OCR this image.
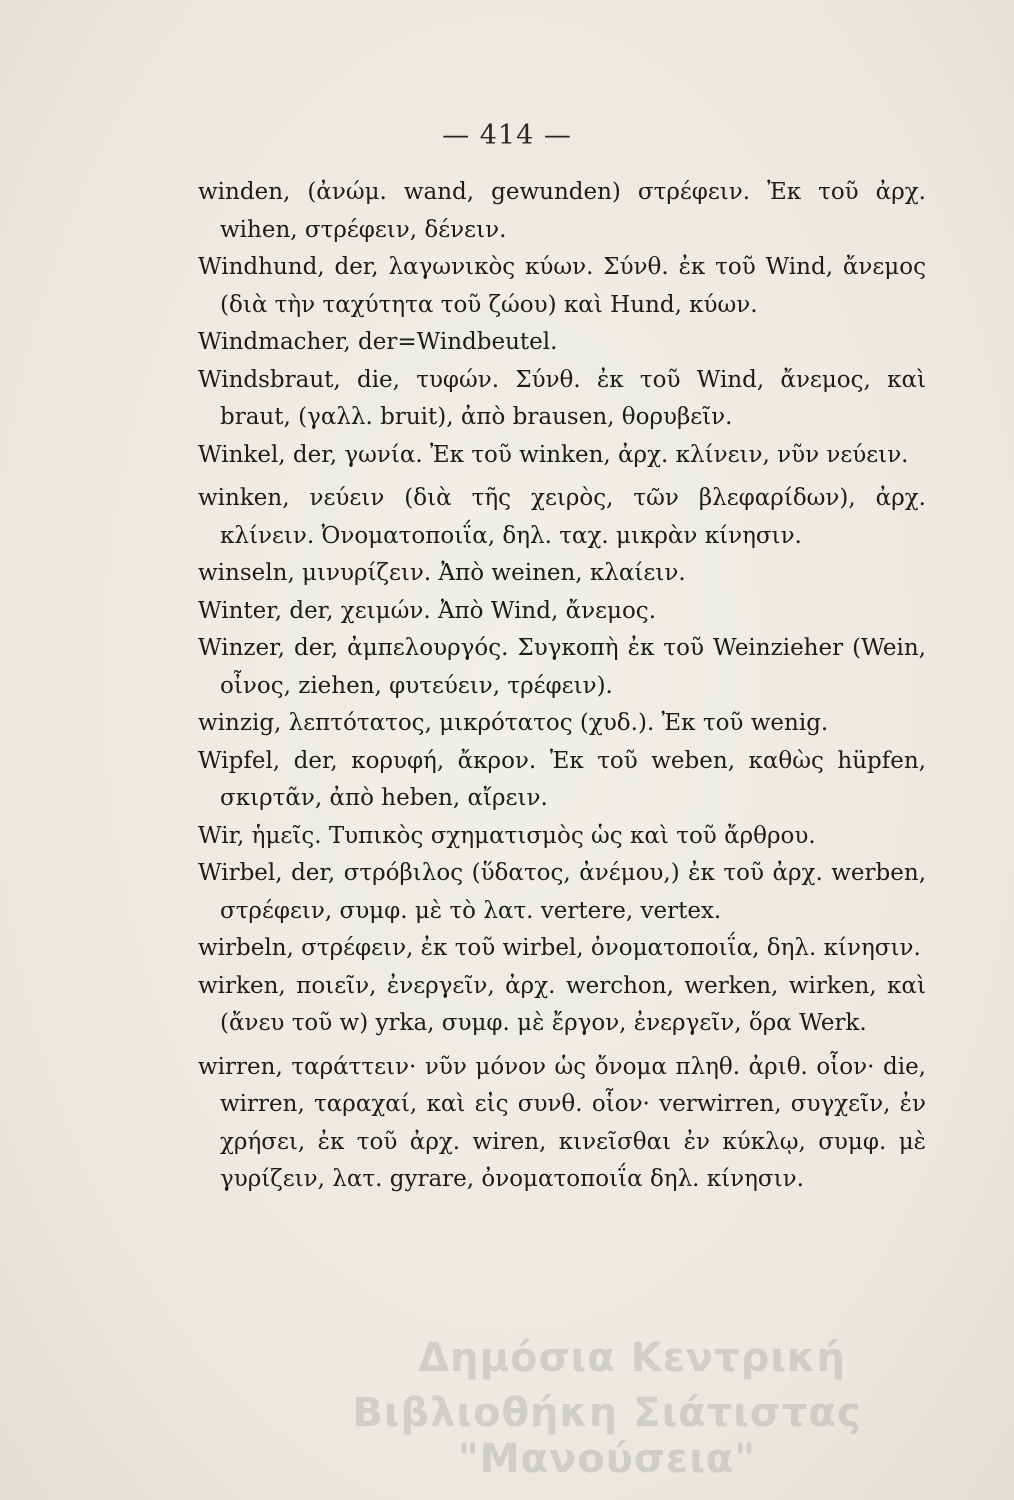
— 414 —

winden, (ἀνώμ. wand, gewunden) στρέφειν. Ἐκ τοῦ ἀρχ. wihen, στρέφειν, δένειν.

Windhund, der, λαγωνικὸς κύων. Σύνθ. ἐκ τοῦ Wind, ἄνεμος (διὰ τὴν ταχύτητα τοῦ ζώου) καὶ Hund, κύων.

Windmacher, der=Windbeutel.

Windsbraut, die, τυφών. Σύνθ. ἐκ τοῦ Wind, ἄνεμος, καὶ braut, (γαλλ. bruit), ἀπὸ brausen, θορυβεῖν.

Winkel, der, γωνία. Ἐκ τοῦ winken, ἀρχ. κλίνειν, νῦν νεύειν.

winken, νεύειν (διὰ τῆς χειρὸς, τῶν βλεφαρίδων), ἀρχ. κλίνειν. Ὀνοματοποιΐα, δηλ. ταχ. μικρὰν κίνησιν.

winseln, μινυρίζειν. Ἀπὸ weinen, κλαίειν.

Winter, der, χειμών. Ἀπὸ Wind, ἄνεμος.

Winzer, der, ἀμπελουργός. Συγκοπὴ ἐκ τοῦ Weinzieher (Wein, οἶνος, ziehen, φυτεύειν, τρέφειν).

winzig, λεπτότατος, μικρότατος (χυδ.). Ἐκ τοῦ wenig.

Wipfel, der, κορυφή, ἄκρον. Ἐκ τοῦ weben, καθὼς hüpfen, σκιρτᾶν, ἀπὸ heben, αἴρειν.

Wir, ἡμεῖς. Τυπικὸς σχηματισμὸς ὡς καὶ τοῦ ἄρθρου.

Wirbel, der, στρόβιλος (ὕδατος, ἀνέμου,) ἐκ τοῦ ἀρχ. werben, στρέφειν, συμφ. μὲ τὸ λατ. vertere, vertex.

wirbeln, στρέφειν, ἐκ τοῦ wirbel, ὀνοματοποιΐα, δηλ. κίνησιν.

wirken, ποιεῖν, ἐνεργεῖν, ἀρχ. werchon, werken, wirken, καὶ (ἄνευ τοῦ w) yrka, συμφ. μὲ ἔργον, ἐνεργεῖν, ὅρα Werk.

wirren, ταράττειν· νῦν μόνον ὡς ὄνομα πληθ. ἀριθ. οἷον· die, wirren, ταραχαί, καὶ εἰς συνθ. οἷον· verwirren, συγχεῖν, ἐν χρήσει, ἐκ τοῦ ἀρχ. wiren, κινεῖσθαι ἐν κύκλῳ, συμφ. μὲ γυρίζειν, λατ. gyrare, ὀνοματοποιΐα δηλ. κίνησιν.

Δημόσια Κεντρική
Βιβλιοθήκη Σιάτιστας "Μανούσεια"
